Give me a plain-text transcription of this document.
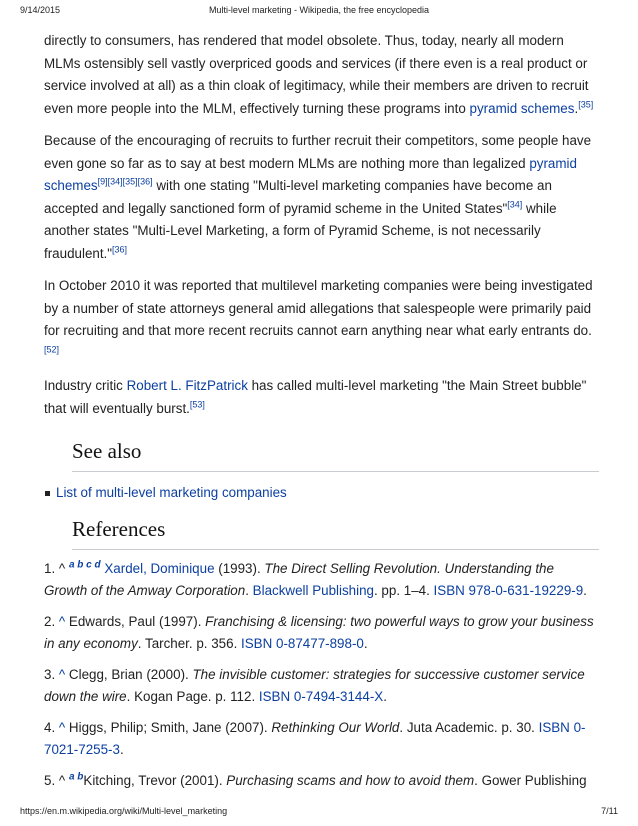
9/14/2015	Multi-level marketing - Wikipedia, the free encyclopedia

directly to consumers, has rendered that model obsolete. Thus, today, nearly all modern MLMs ostensibly sell vastly overpriced goods and services (if there even is a real product or service involved at all) as a thin cloak of legitimacy, while their members are driven to recruit even more people into the MLM, effectively turning these programs into pyramid schemes.[35]

Because of the encouraging of recruits to further recruit their competitors, some people have even gone so far as to say at best modern MLMs are nothing more than legalized pyramid schemes[9][34][35][36] with one stating "Multi-level marketing companies have become an accepted and legally sanctioned form of pyramid scheme in the United States"[34] while another states "Multi-Level Marketing, a form of Pyramid Scheme, is not necessarily fraudulent."[36]

In October 2010 it was reported that multilevel marketing companies were being investigated by a number of state attorneys general amid allegations that salespeople were primarily paid for recruiting and that more recent recruits cannot earn anything near what early entrants do.[52]

Industry critic Robert L. FitzPatrick has called multi-level marketing "the Main Street bubble" that will eventually burst.[53]

See also
List of multi-level marketing companies
References

1. ^ $^{a b c d}$ Xardel, Dominique (1993). The Direct Selling Revolution. Understanding the Growth of the Amway Corporation. Blackwell Publishing. pp. 1–4. ISBN 978-0-631-19229-9.

2. ^ Edwards, Paul (1997). Franchising & licensing: two powerful ways to grow your business in any economy. Tarcher. p. 356. ISBN 0-87477-898-0.

3. ^ Clegg, Brian (2000). The invisible customer: strategies for successive customer service down the wire. Kogan Page. p. 112. ISBN 0-7494-3144-X.

4. ^ Higgs, Philip; Smith, Jane (2007). Rethinking Our World. Juta Academic. p. 30. ISBN 0-7021-7255-3.

5. ^ $^{a b}$Kitching, Trevor (2001). Purchasing scams and how to avoid them. Gower Publishing

https://en.m.wikipedia.org/wiki/Multi-level_marketing	7/11
